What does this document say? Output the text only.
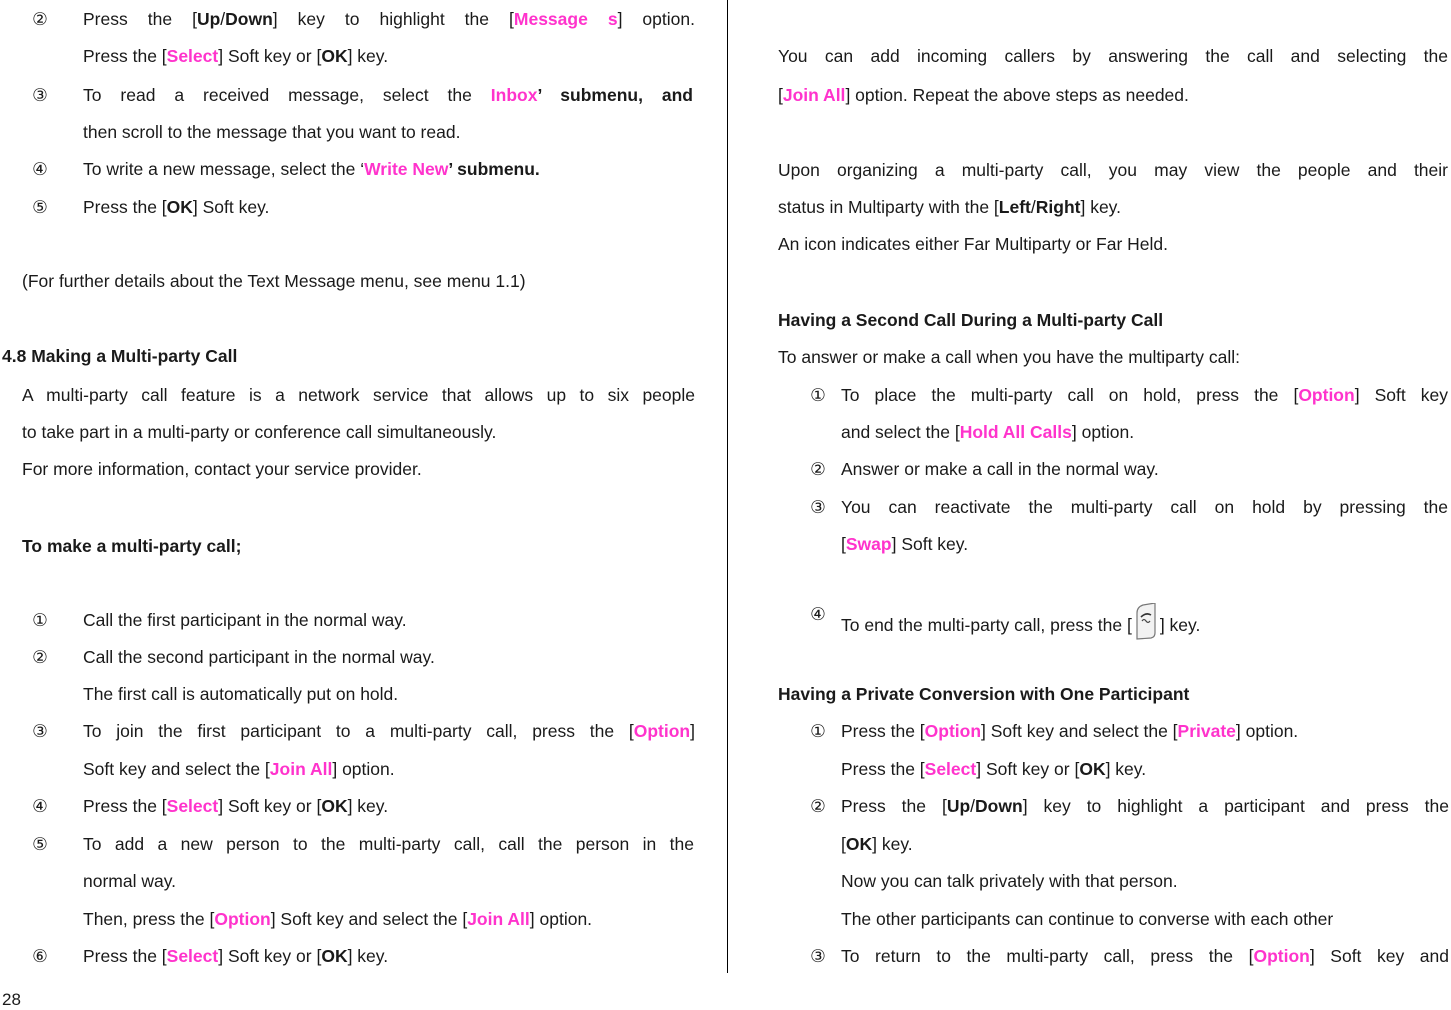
② Press the [Up/Down] key to highlight the [Message s] option.
Press the [Select] Soft key or [OK] key.
③ To read a received message, select the Inbox’ submenu, and
then scroll to the message that you want to read.
④ To write a new message, select the ‘Write New’ submenu.
⑤ Press the [OK] Soft key.
(For further details about the Text Message menu, see menu 1.1)
4.8 Making a Multi-party Call
A multi-party call feature is a network service that allows up to six people
to take part in a multi-party or conference call simultaneously.
For more information, contact your service provider.
To make a multi-party call;
① Call the first participant in the normal way.
② Call the second participant in the normal way.
The first call is automatically put on hold.
③ To join the first participant to a multi-party call, press the [Option]
Soft key and select the [Join All] option.
④ Press the [Select] Soft key or [OK] key.
⑤ To add a new person to the multi-party call, call the person in the
normal way.
Then, press the [Option] Soft key and select the [Join All] option.
⑥ Press the [Select] Soft key or [OK] key.
You can add incoming callers by answering the call and selecting the
[Join All] option. Repeat the above steps as needed.
Upon organizing a multi-party call, you may view the people and their
status in Multiparty with the [Left/Right] key.
An icon indicates either Far Multiparty or Far Held.
Having a Second Call During a Multi-party Call
To answer or make a call when you have the multiparty call:
① To place the multi-party call on hold, press the [Option] Soft key
and select the [Hold All Calls] option.
② Answer or make a call in the normal way.
③ You can reactivate the multi-party call on hold by pressing the
[Swap] Soft key.
④
To end the multi-party call, press the [ ] key.
Having a Private Conversion with One Participant
① Press the [Option] Soft key and select the [Private] option.
Press the [Select] Soft key or [OK] key.
② Press the [Up/Down] key to highlight a participant and press the
[OK] key.
Now you can talk privately with that person.
The other participants can continue to converse with each other
③ To return to the multi-party call, press the [Option] Soft key and
28
